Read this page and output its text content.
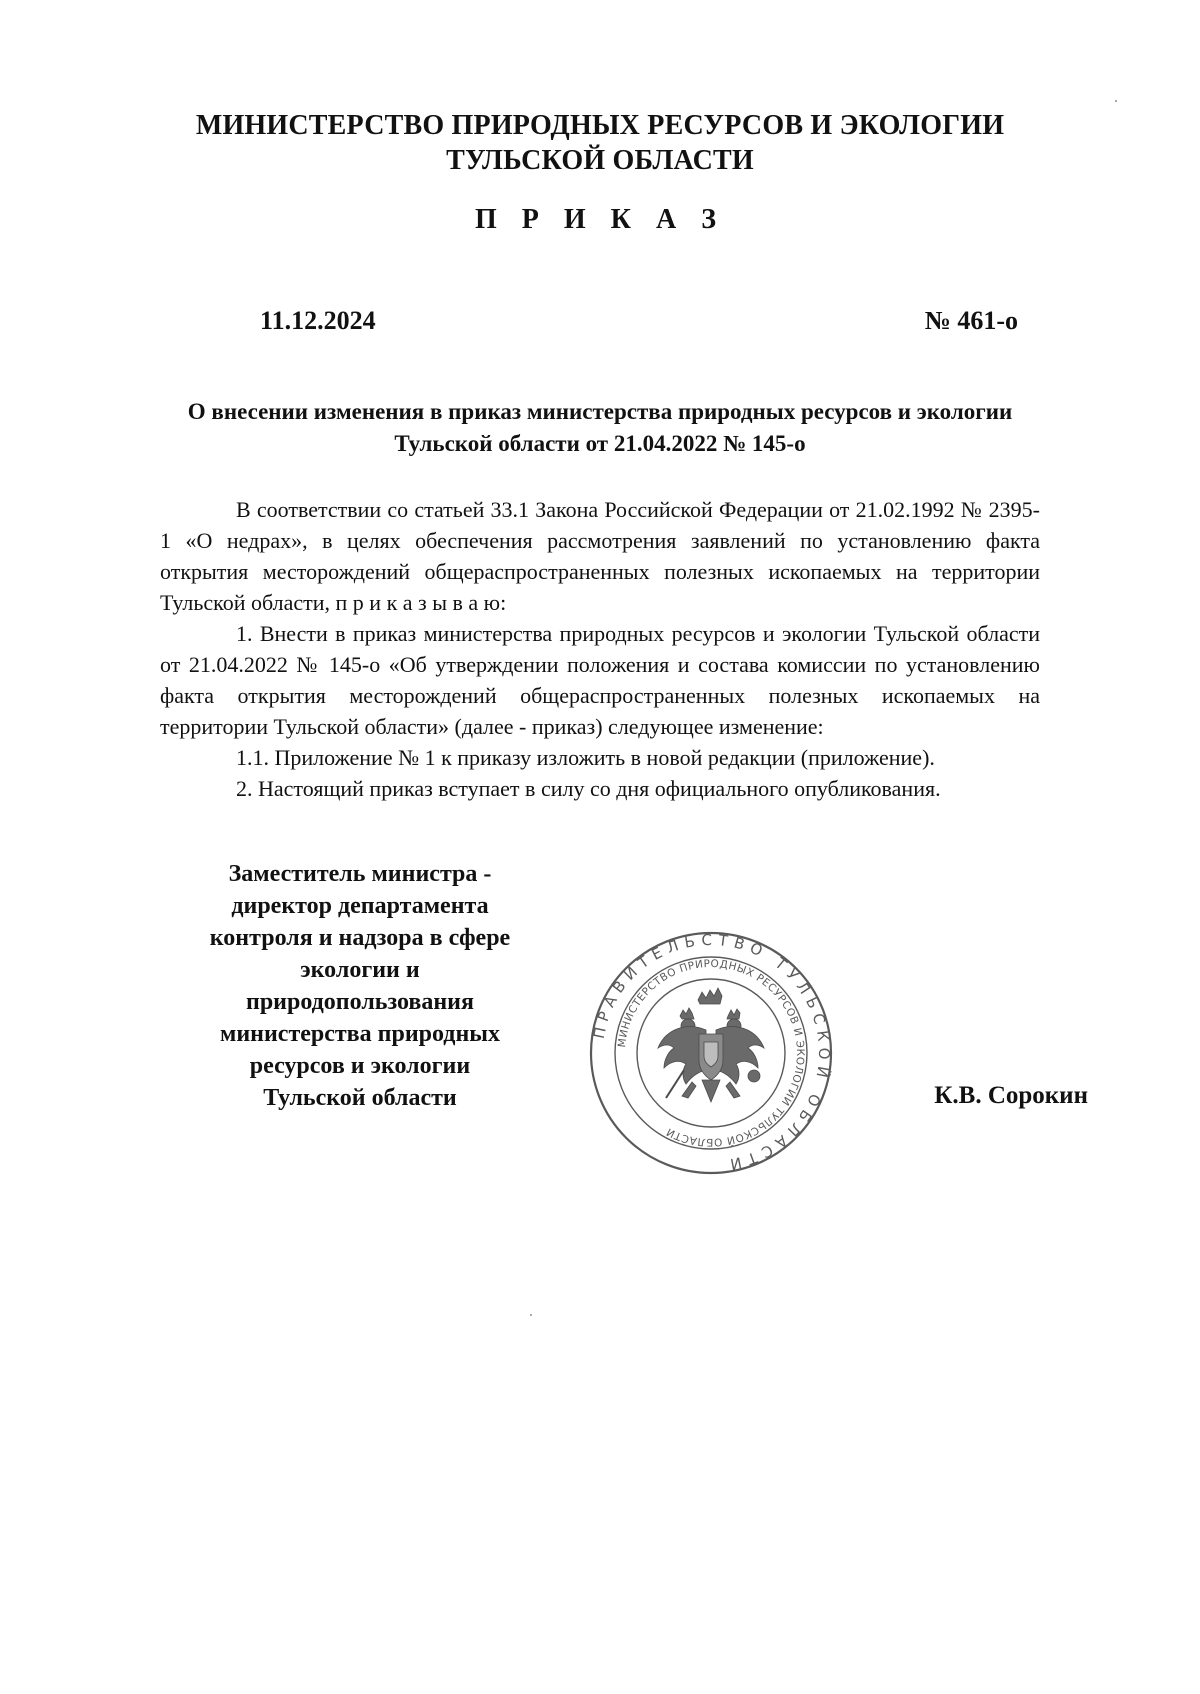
МИНИСТЕРСТВО ПРИРОДНЫХ РЕСУРСОВ И ЭКОЛОГИИ
ТУЛЬСКОЙ ОБЛАСТИ
П Р И К А З
11.12.2024	№ 461-о
О внесении изменения в приказ министерства природных ресурсов и экологии
Тульской области от 21.04.2022 № 145-о

В соответствии со статьей 33.1 Закона Российской Федерации от 21.02.1992 № 2395-1 «О недрах», в целях обеспечения рассмотрения заявлений по установлению факта открытия месторождений общераспространенных полезных ископаемых на территории Тульской области, п р и к а з ы в а ю:

1. Внести в приказ министерства природных ресурсов и экологии Тульской области от 21.04.2022 № 145-о «Об утверждении положения и состава комиссии по установлению факта открытия месторождений общераспространенных полезных ископаемых на территории Тульской области» (далее - приказ) следующее изменение:

1.1. Приложение № 1 к приказу изложить в новой редакции (приложение).

2. Настоящий приказ вступает в силу со дня официального опубликования.

Заместитель министра -
директор департамента
контроля и надзора в сфере
экологии и
природопользования
министерства природных
ресурсов и экологии
Тульской области
ПРАВИТЕЛЬСТВО ТУЛЬСКОЙ ОБЛАСТИ
МИНИСТЕРСТВО ПРИРОДНЫХ РЕСУРСОВ И ЭКОЛОГИИ ТУЛЬСКОЙ ОБЛАСТИ
К.В. Сорокин
